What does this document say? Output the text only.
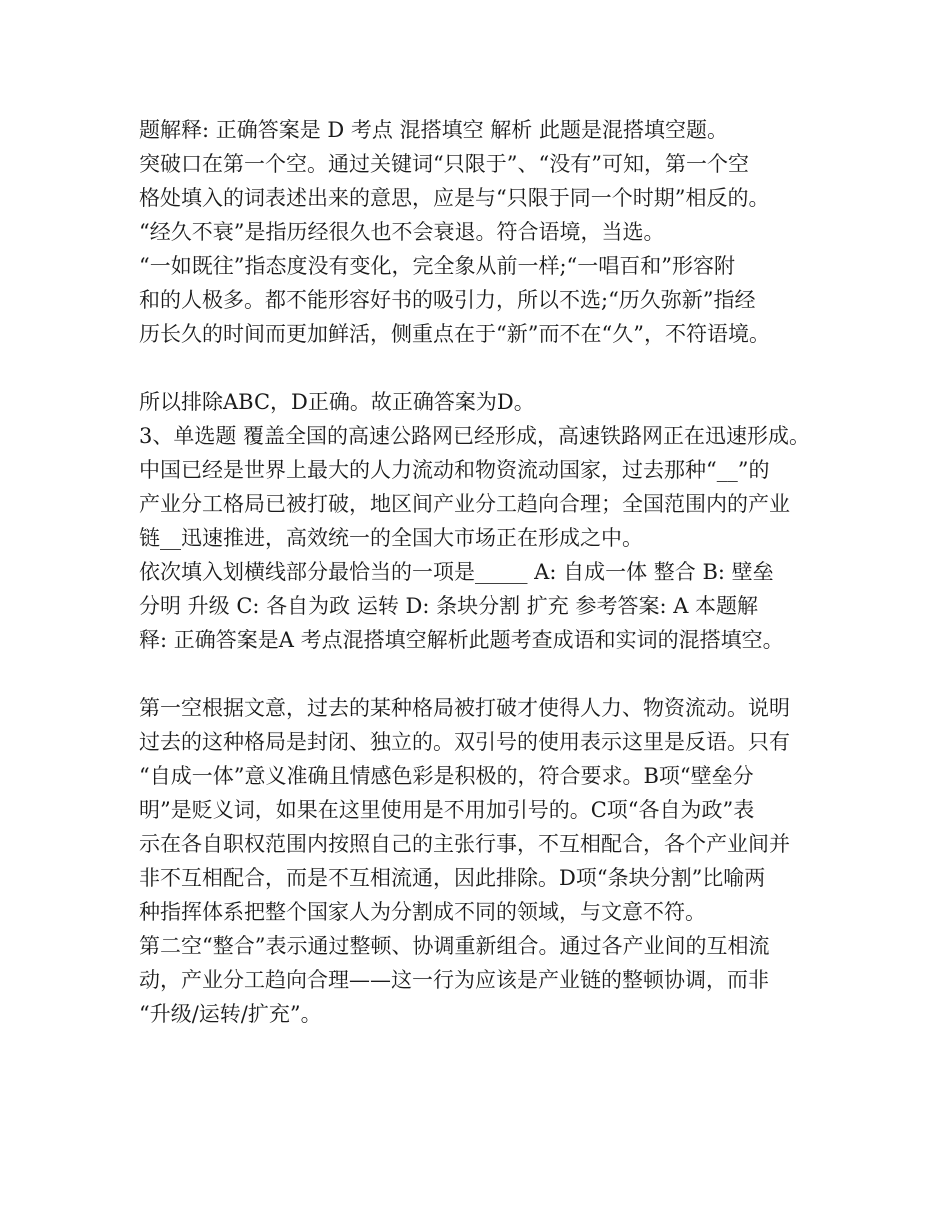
题解释: 正确答案是 D 考点 混搭填空 解析 此题是混搭填空题。
突破口在第一个空。通过关键词“只限于”、“没有”可知，第一个空
格处填入的词表述出来的意思，应是与“只限于同一个时期”相反的。
“经久不衰”是指历经很久也不会衰退。符合语境，当选。
“一如既往”指态度没有变化，完全象从前一样;“一唱百和”形容附
和的人极多。都不能形容好书的吸引力，所以不选;“历久弥新”指经
历长久的时间而更加鲜活，侧重点在于“新”而不在“久”，不符语境。
所以排除ABC，D正确。故正确答案为D。
3、单选题 覆盖全国的高速公路网已经形成，高速铁路网正在迅速形成。
中国已经是世界上最大的人力流动和物资流动国家，过去那种“__”的
产业分工格局已被打破，地区间产业分工趋向合理；全国范围内的产业
链__迅速推进，高效统一的全国大市场正在形成之中。
依次填入划横线部分最恰当的一项是_____ A: 自成一体 整合 B: 壁垒
分明 升级 C: 各自为政 运转 D: 条块分割 扩充 参考答案: A 本题解
释: 正确答案是A 考点混搭填空解析此题考查成语和实词的混搭填空。
第一空根据文意，过去的某种格局被打破才使得人力、物资流动。说明
过去的这种格局是封闭、独立的。双引号的使用表示这里是反语。只有
“自成一体”意义准确且情感色彩是积极的，符合要求。B项“壁垒分
明”是贬义词，如果在这里使用是不用加引号的。C项“各自为政”表
示在各自职权范围内按照自己的主张行事，不互相配合，各个产业间并
非不互相配合，而是不互相流通，因此排除。D项“条块分割”比喻两
种指挥体系把整个国家人为分割成不同的领域，与文意不符。
第二空“整合”表示通过整顿、协调重新组合。通过各产业间的互相流
动，产业分工趋向合理——这一行为应该是产业链的整顿协调，而非
“升级/运转/扩充”。
